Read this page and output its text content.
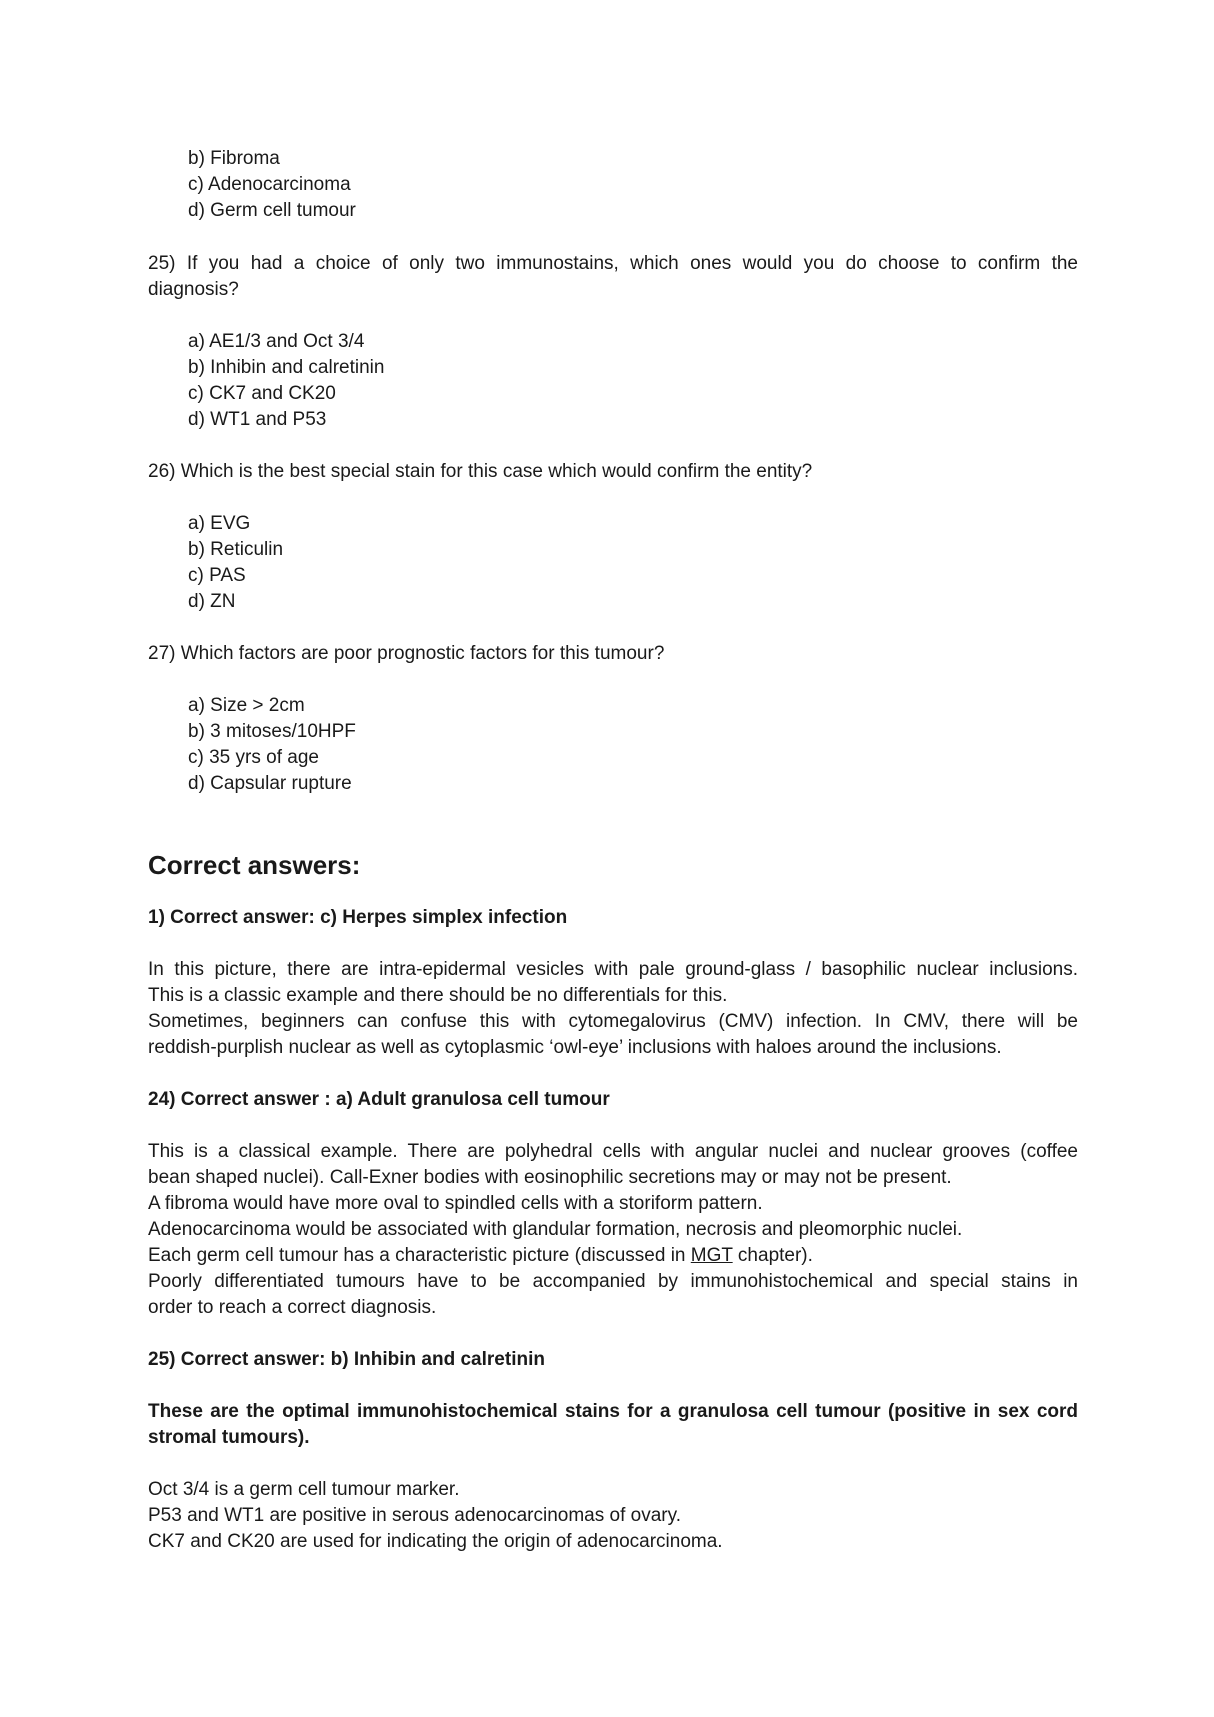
b) Fibroma
c) Adenocarcinoma
d) Germ cell tumour
25) If you had a choice of only two immunostains, which ones would you do choose to confirm the
diagnosis?
a) AE1/3 and Oct 3/4
b) Inhibin and calretinin
c) CK7 and CK20
d) WT1 and P53
26) Which is the best special stain for this case which would confirm the entity?
a) EVG
b) Reticulin
c) PAS
d) ZN
27) Which factors are poor prognostic factors for this tumour?
a) Size > 2cm
b) 3 mitoses/10HPF
c) 35 yrs of age
d) Capsular rupture
Correct answers:
1) Correct answer: c) Herpes simplex infection
In this picture, there are intra-epidermal vesicles with pale ground-glass / basophilic nuclear inclusions.
This is a classic example and there should be no differentials for this.
Sometimes, beginners can confuse this with cytomegalovirus (CMV) infection. In CMV, there will be
reddish-purplish nuclear as well as cytoplasmic ‘owl-eye’ inclusions with haloes around the inclusions.
24) Correct answer : a) Adult granulosa cell tumour
This is a classical example. There are polyhedral cells with angular nuclei and nuclear grooves (coffee
bean shaped nuclei). Call-Exner bodies with eosinophilic secretions may or may not be present.
A fibroma would have more oval to spindled cells with a storiform pattern.
Adenocarcinoma would be associated with glandular formation, necrosis and pleomorphic nuclei.
Each germ cell tumour has a characteristic picture (discussed in MGT chapter).
Poorly differentiated tumours have to be accompanied by immunohistochemical and special stains in
order to reach a correct diagnosis.
25) Correct answer: b) Inhibin and calretinin
These are the optimal immunohistochemical stains for a granulosa cell tumour (positive in sex cord
stromal tumours).
Oct 3/4 is a germ cell tumour marker.
P53 and WT1 are positive in serous adenocarcinomas of ovary.
CK7 and CK20 are used for indicating the origin of adenocarcinoma.
